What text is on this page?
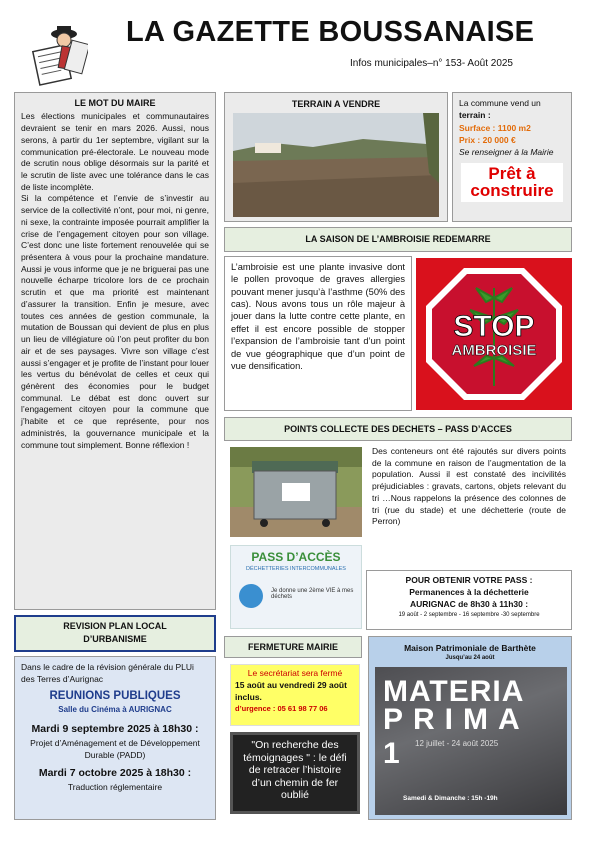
LA GAZETTE BOUSSANAISE
Infos municipales–n° 153- Août 2025
LE MOT DU MAIRE

Les élections municipales et communautaires devraient se tenir en mars 2026. Aussi, nous serons, à partir du 1er septembre, vigilant sur la communication pré-électorale. Le nouveau mode de scrutin nous oblige désormais sur la parité et le scrutin de liste avec une tolérance dans le cas de liste incomplète.

Si la compétence et l’envie de s’investir au service de la collectivité n’ont, pour moi, ni genre, ni sexe, la contrainte imposée pourrait amplifier la crise de l’engagement citoyen pour son village. C’est donc une liste fortement renouvelée qui se présentera à vous pour la prochaine mandature. Aussi je vous informe que je ne briguerai pas une nouvelle écharpe tricolore lors de ce prochain scrutin et que ma priorité est maintenant d’assurer la transition. Enfin je mesure, avec toutes ces années de gestion communale, la mutation de Boussan qui devient de plus en plus un lieu de villégiature où l’on peut profiter du bon air et de ses paysages. Vivre son village c’est aussi s’engager et je profite de l’instant pour louer les vertus du bénévolat de celles et ceux qui génèrent des économies pour le budget communal. Le débat est donc ouvert sur l’engagement citoyen pour la commune que j’habite et ce que représente, pour nos administrés, la gouvernance municipale et la commune tout simplement. Bonne réflexion !

TERRAIN A VENDRE	La commune vend un
terrain :
Surface : 1100 m2
Prix : 20 000 €
Se renseigner à la Mairie
Prêt à construire
LA SAISON DE L’AMBROISIE REDEMARRE

L’ambroisie est une plante invasive dont le pollen provoque de graves allergies pouvant mener jusqu’à l’asthme (50% des cas). Nous avons tous un rôle majeur à jouer dans la lutte contre cette plante, en effet il est encore possible de stopper l’expansion de l’ambroisie tant d’un point de vue géographique que d’un point de vue densification.

STOP
AMBROISIE
POINTS COLLECTE DES DECHETS – PASS D’ACCES
PASS D’ACCÈS
DÉCHETTERIES INTERCOMMUNALES
Je donne une 2ème VIE à mes déchets

Des conteneurs ont été rajoutés sur divers points de la commune en raison de l’augmentation de la population. Aussi il est constaté des incivilités préjudiciables : gravats, cartons, objets relevant du tri …Nous rappelons la présence des colonnes de tri (rue du stade) et une déchetterie (route de Perron)

POUR OBTENIR VOTRE PASS :
Permanences à la déchetterie
AURIGNAC de 8h30 à 11h30 :
19 août - 2 septembre - 16 septembre -30 septembre
REVISION PLAN LOCAL D’URBANISME
Dans le cadre de la révision générale du PLUi des Terres d’Aurignac
REUNIONS PUBLIQUES
Salle du Cinéma à AURIGNAC
Mardi 9 septembre 2025 à 18h30 :
Projet d’Aménagement et de Développement Durable (PADD)
Mardi 7 octobre 2025 à 18h30 :
Traduction réglementaire
FERMETURE MAIRIE
Le secrétariat sera fermé
15 août au vendredi 29 août inclus.
d’urgence : 05 61 98 77 06
"On recherche des témoignages " : le défi de retracer l’histoire d’un chemin de fer oublié
Maison Patrimoniale de Barthète
Jusqu’au 24 août
MATERIA
PRIMA 1 12 juillet - 24 août 2025
Samedi & Dimanche : 15h -19h
